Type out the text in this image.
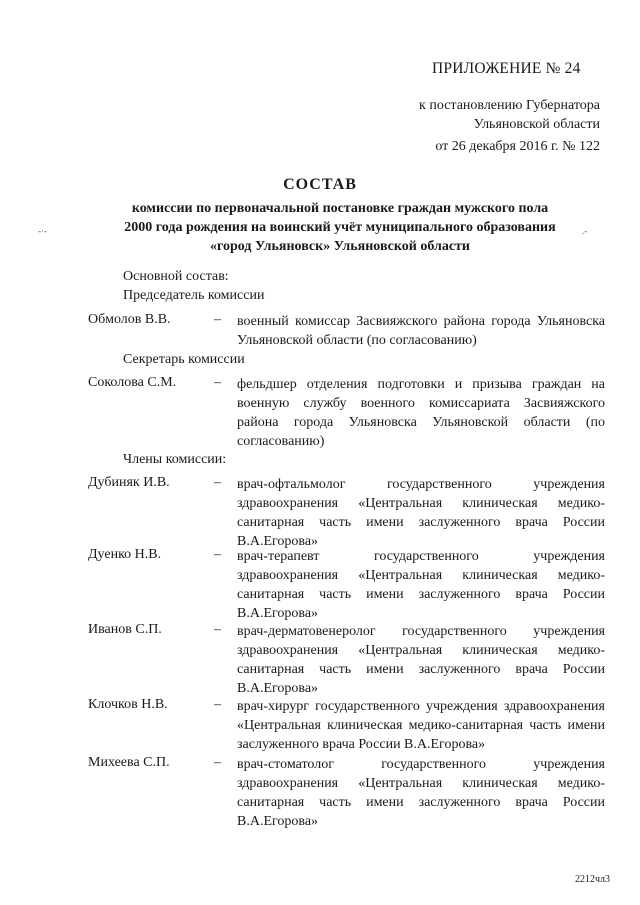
ПРИЛОЖЕНИЕ № 24
к постановлению Губернатора
Ульяновской области
от 26 декабря 2016 г. № 122
СОСТАВ
комиссии по первоначальной постановке граждан мужского пола
2000 года рождения на воинский учёт муниципального образования
«город Ульяновск» Ульяновской области
Основной состав:
Председатель комиссии
Обмолов В.В.	– военный комиссар Засвияжского района города Ульяновска Ульяновской области (по согласованию)
Секретарь комиссии
Соколова С.М.	– фельдшер отделения подготовки и призыва граждан на военную службу военного комиссариата Засвияжского района города Ульяновска Ульяновской области (по согласованию)
Члены комиссии:
Дубиняк И.В.	– врач-офтальмолог государственного учреждения здравоохранения «Центральная клиническая медико-санитарная часть имени заслуженного врача России В.А.Егорова»
Дуенко Н.В.	– врач-терапевт государственного учреждения здравоохранения «Центральная клиническая медико-санитарная часть имени заслуженного врача России В.А.Егорова»
Иванов С.П.	– врач-дерматовенеролог государственного учреждения здравоохранения «Центральная клиническая медико-санитарная часть имени заслуженного врача России В.А.Егорова»
Клочков Н.В.	– врач-хирург государственного учреждения здравоохранения «Центральная клиническая медико-санитарная часть имени заслуженного врача России В.А.Егорова»
Михеева С.П.	– врач-стоматолог государственного учреждения здравоохранения «Центральная клиническая медико-санитарная часть имени заслуженного врача России В.А.Егорова»
2212чл3
-·-	.-
